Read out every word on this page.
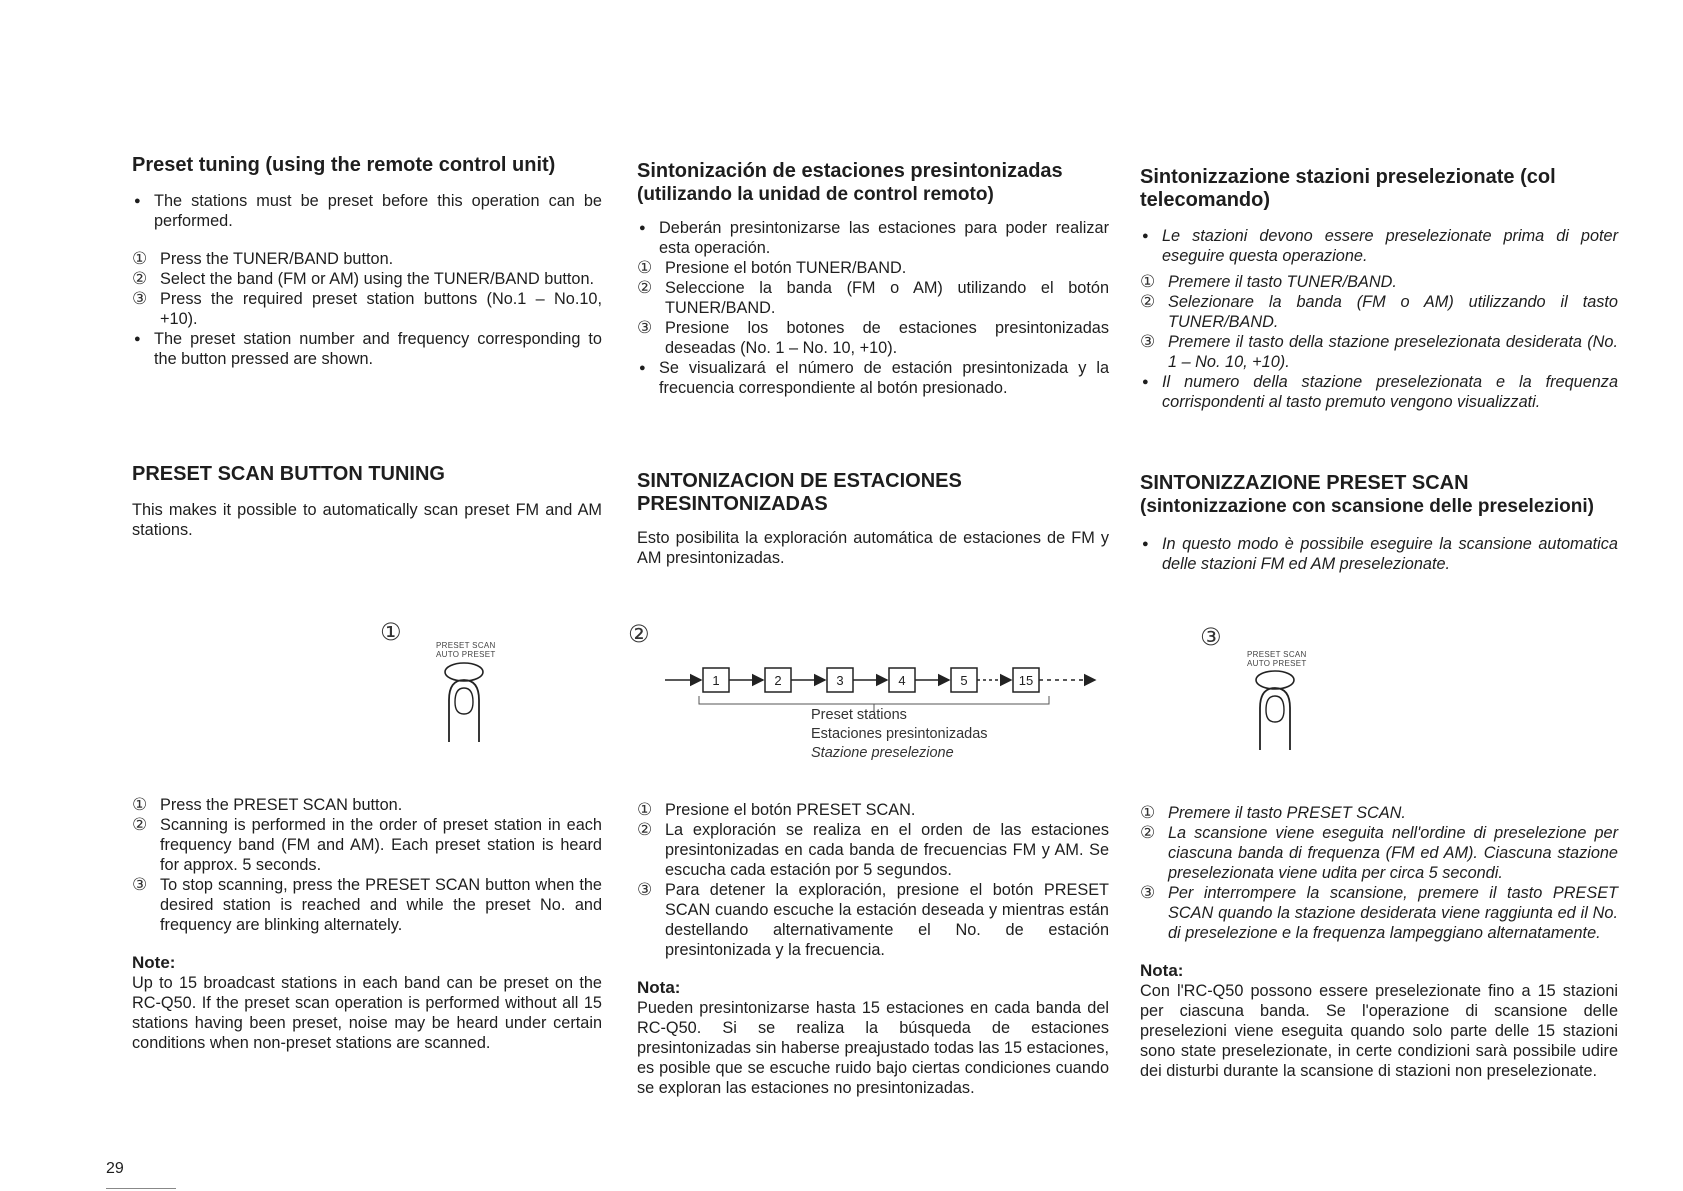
Preset tuning (using the remote control unit)
● The stations must be preset before this operation can be performed.
① Press the TUNER/BAND button.
② Select the band (FM or AM) using the TUNER/BAND button.
③ Press the required preset station buttons (No.1 – No.10, +10).
● The preset station number and frequency corresponding to the button pressed are shown.
PRESET SCAN BUTTON TUNING

This makes it possible to automatically scan preset FM and AM stations.

① Press the PRESET SCAN button.
② Scanning is performed in the order of preset station in each frequency band (FM and AM). Each preset station is heard for approx. 5 seconds.
③ To stop scanning, press the PRESET SCAN button when the desired station is reached and while the preset No. and frequency are blinking alternately.

Note:

Up to 15 broadcast stations in each band can be preset on the RC-Q50. If the preset scan operation is performed without all 15 stations having been preset, noise may be heard under certain conditions when non-preset stations are scanned.

Sintonización de estaciones presintonizadas
(utilizando la unidad de control remoto)
● Deberán presintonizarse las estaciones para poder realizar esta operación.
① Presione el botón TUNER/BAND.
② Seleccione la banda (FM o AM) utilizando el botón TUNER/BAND.
③ Presione los botones de estaciones presintonizadas deseadas (No. 1 – No. 10, +10).
● Se visualizará el número de estación presintonizada y la frecuencia correspondiente al botón presionado.
SINTONIZACION DE ESTACIONES PRESINTONIZADAS

Esto posibilita la exploración automática de estaciones de FM y AM presintonizadas.

① Presione el botón PRESET SCAN.
② La exploración se realiza en el orden de las estaciones presintonizadas en cada banda de frecuencias FM y AM. Se escucha cada estación por 5 segundos.
③ Para detener la exploración, presione el botón PRESET SCAN cuando escuche la estación deseada y mientras están destellando alternativamente el No. de estación presintonizada y la frecuencia.

Nota:

Pueden presintonizarse hasta 15 estaciones en cada banda del RC-Q50. Si se realiza la búsqueda de estaciones presintonizadas sin haberse preajustado todas las 15 estaciones, es posible que se escuche ruido bajo ciertas condiciones cuando se exploran las estaciones no presintonizadas.

Sintonizzazione stazioni preselezionate (col telecomando)
● Le stazioni devono essere preselezionate prima di poter eseguire questa operazione.
① Premere il tasto TUNER/BAND.
② Selezionare la banda (FM o AM) utilizzando il tasto TUNER/BAND.
③ Premere il tasto della stazione preselezionata desiderata (No. 1 – No. 10, +10).
● Il numero della stazione preselezionata e la frequenza corrispondenti al tasto premuto vengono visualizzati.
SINTONIZZAZIONE PRESET SCAN
(sintonizzazione con scansione delle preselezioni)
● In questo modo è possibile eseguire la scansione automatica delle stazioni FM ed AM preselezionate.
① Premere il tasto PRESET SCAN.
② La scansione viene eseguita nell'ordine di preselezione per ciascuna banda di frequenza (FM ed AM). Ciascuna stazione preselezionata viene udita per circa 5 secondi.
③ Per interrompere la scansione, premere il tasto PRESET SCAN quando la stazione desiderata viene raggiunta ed il No. di preselezione e la frequenza lampeggiano alternatamente.

Nota:

Con l'RC-Q50 possono essere preselezionate fino a 15 stazioni per ciascuna banda. Se l'operazione di scansione delle preselezioni viene eseguita quando solo parte delle 15 stazioni sono state preselezionate, in certe condizioni sarà possibile udire dei disturbi durante la scansione di stazioni non preselezionate.

①	PRESET SCAN
AUTO PRESET
②
1	2	3	4	5	15
Preset stations
Estaciones presintonizadas
Stazione preselezione
③
PRESET SCAN
AUTO PRESET
29
